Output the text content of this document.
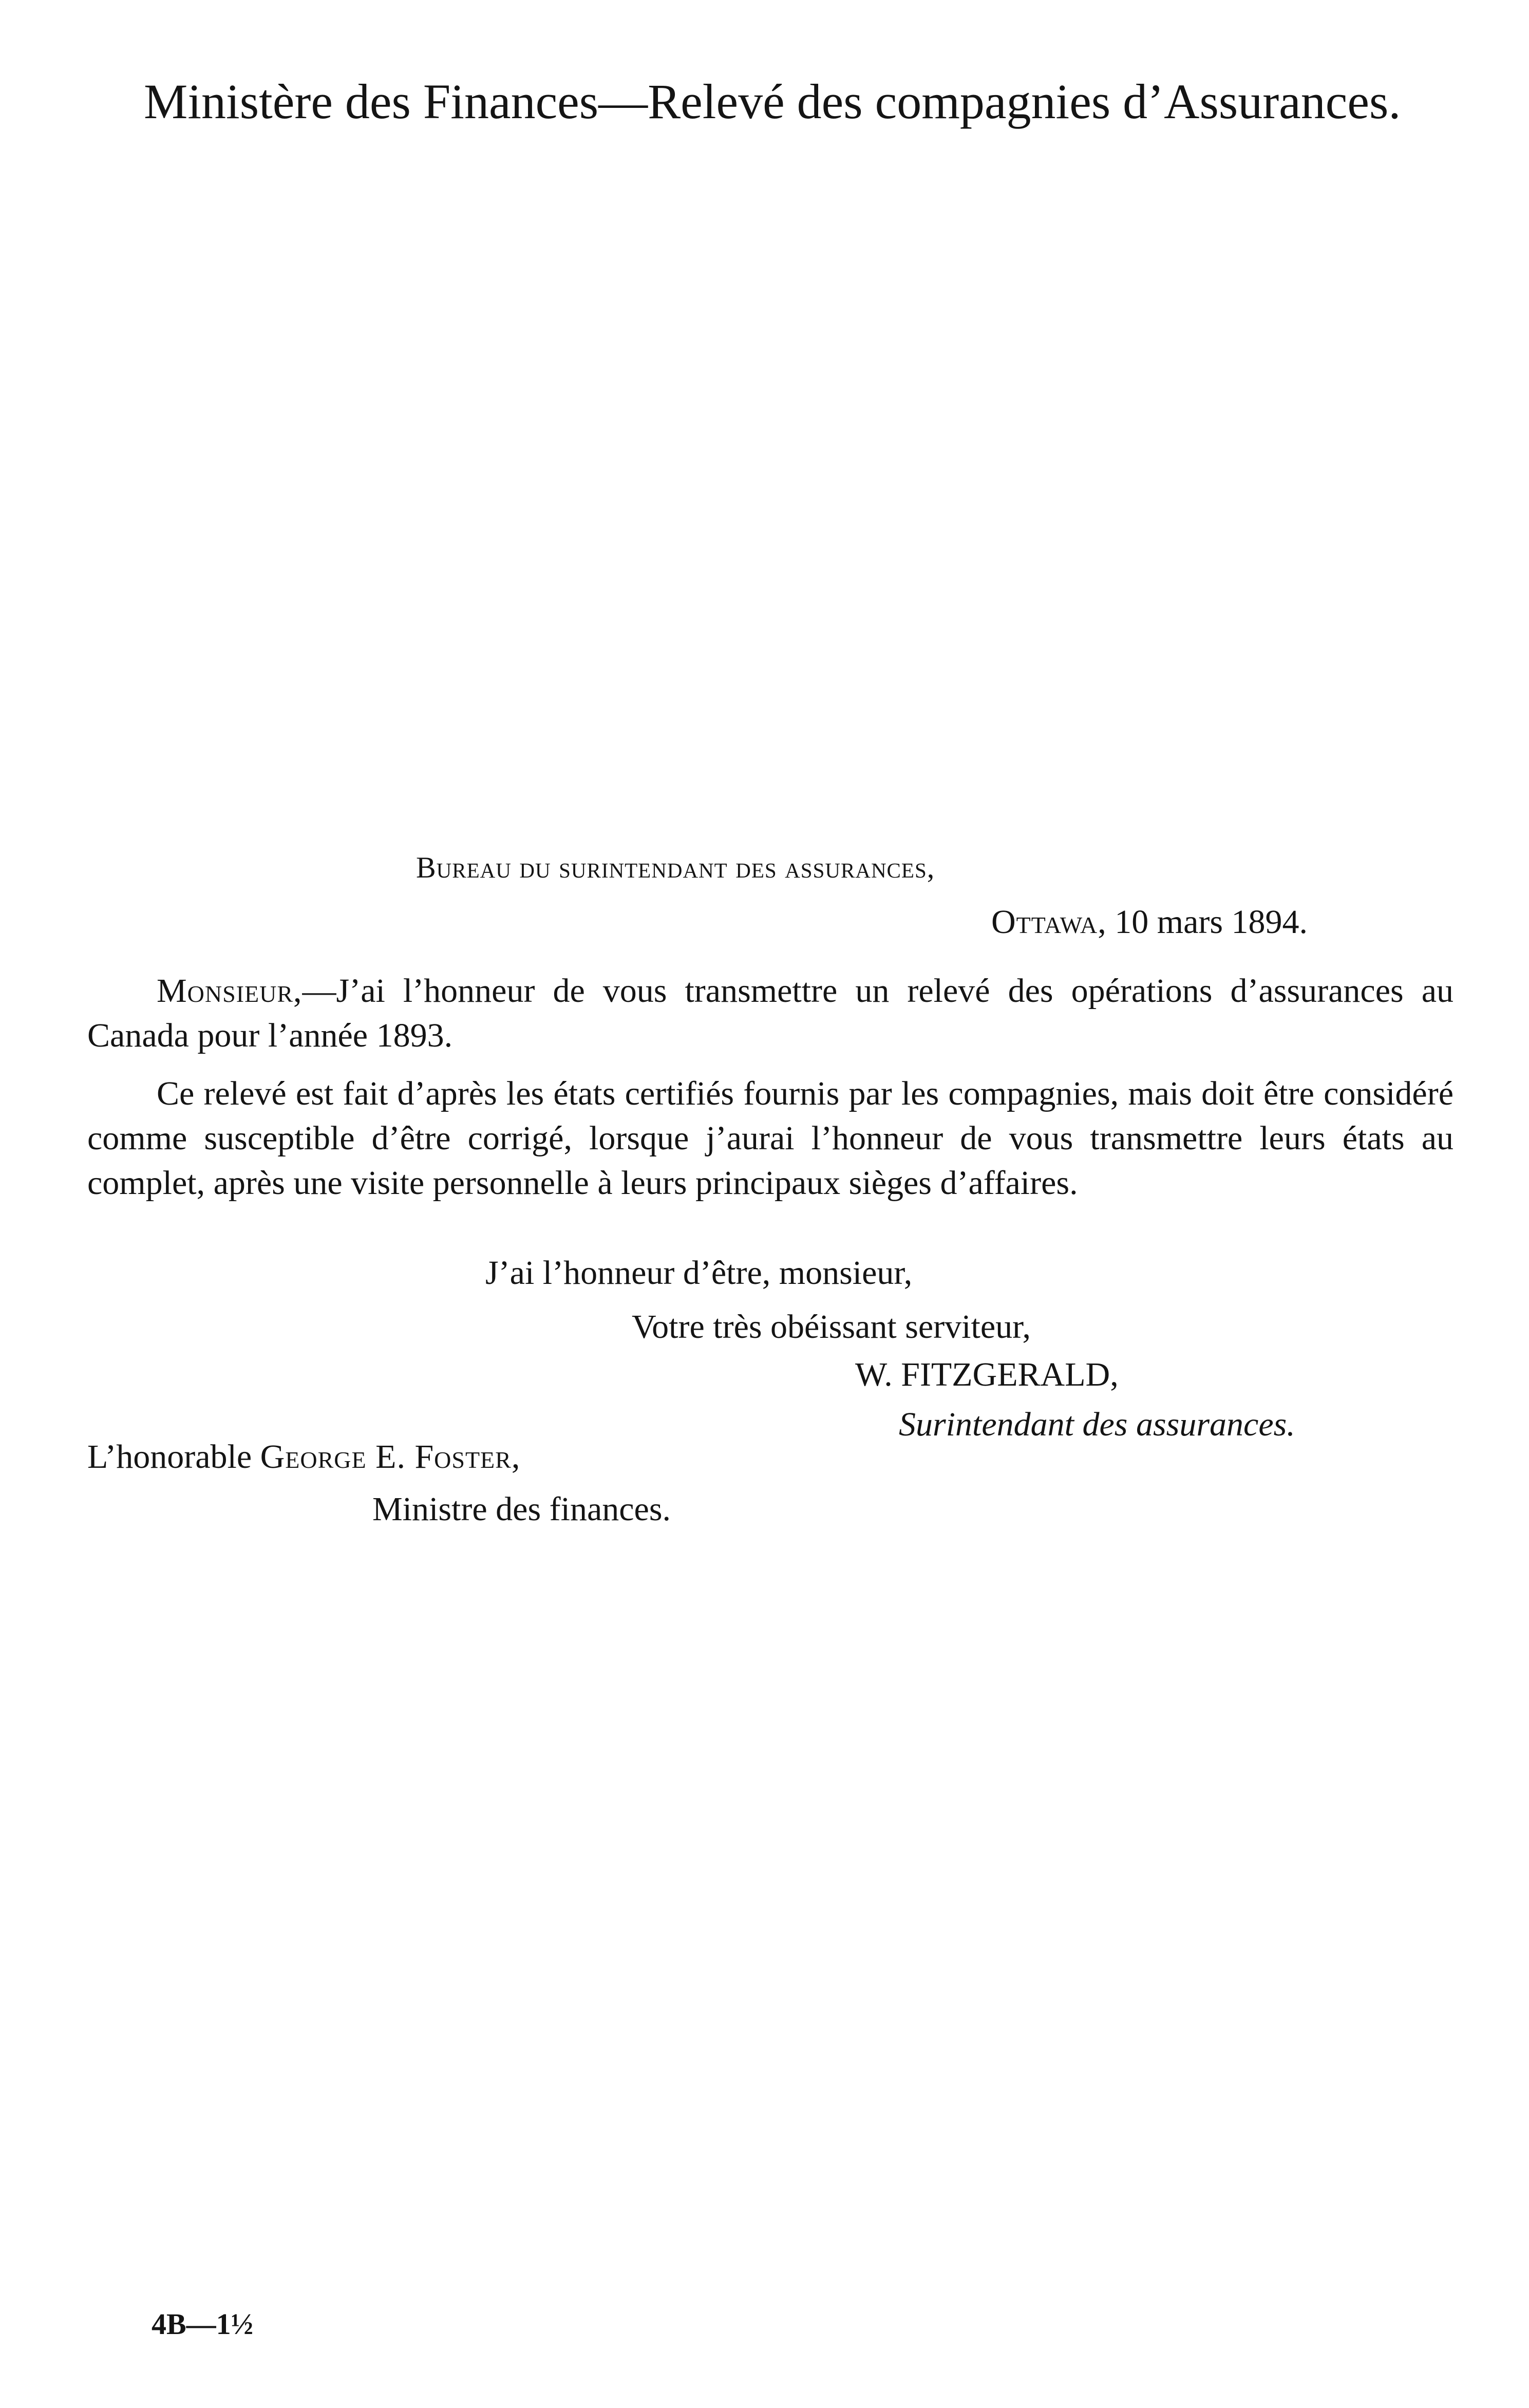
Ministère des Finances—Relevé des compagnies d’Assurances.

Bureau du surintendant des assurances,

Ottawa, 10 mars 1894.

Monsieur,—J’ai l’honneur de vous transmettre un relevé des opérations d’assurances au Canada pour l’année 1893.

Ce relevé est fait d’après les états certifiés fournis par les compagnies, mais doit être considéré comme susceptible d’être corrigé, lorsque j’aurai l’honneur de vous transmettre leurs états au complet, après une visite personnelle à leurs principaux sièges d’affaires.

J’ai l’honneur d’être, monsieur,

Votre très obéissant serviteur,

W. FITZGERALD,

Surintendant des assurances.

L’honorable George E. Foster,

Ministre des finances.

4B—1½
